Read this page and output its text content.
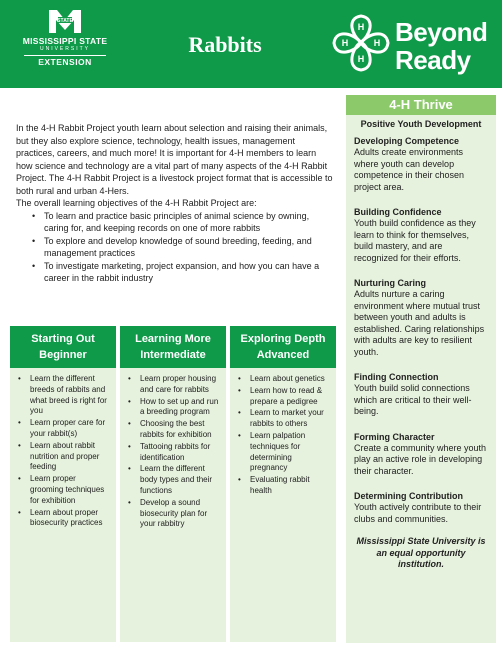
STATE
MISSISSIPPI STATE
UNIVERSITY
EXTENSION
Rabbits
H
H
H	H Beyond
Ready

In the 4-H Rabbit Project youth learn about selection and raising their animals, but they also explore science, technology, health issues, management practices, careers, and much more! It is important for 4-H members to learn how science and technology are a vital part of many aspects of the 4-H Rabbit Project. The 4-H Rabbit Project is a livestock project format that is accessible to both rural and urban 4-Hers.

The overall learning objectives of the 4-H Rabbit Project are:

• To learn and practice basic principles of animal science by owning, caring for, and keeping records on one of more rabbits
• To explore and develop knowledge of sound breeding, feeding, and management practices
• To investigate marketing, project expansion, and how you can have a career in the rabbit industry
Starting Out
Beginner
• Learn the different breeds of rabbits and what breed is right for you
• Learn proper care for your rabbit(s)
• Learn about rabbit nutrition and proper feeding
• Learn proper grooming techniques for exhibition
• Learn about proper biosecurity practices
Learning More
Intermediate
• Learn proper housing and care for rabbits
• How to set up and run a breeding program
• Choosing the best rabbits for exhibition
• Tattooing rabbits for identification
• Learn the different body types and their functions
• Develop a sound biosecurity plan for your rabbitry
Exploring Depth
Advanced
• Learn about genetics
• Learn how to read & prepare a pedigree
• Learn to market your rabbits to others
• Learn palpation techniques for determining pregnancy
• Evaluating rabbit health
4-H Thrive
Positive Youth Development
Developing Competence
Adults create environments where youth can develop competence in their chosen project area.
Building Confidence
Youth build confidence as they learn to think for themselves, build mastery, and are recognized for their efforts.
Nurturing Caring
Adults nurture a caring environment where mutual trust between youth and adults is established. Caring relationships with adults are key to resilient youth.
Finding Connection
Youth build solid connections which are critical to their well-being.
Forming Character
Create a community where youth play an active role in developing their character.
Determining Contribution
Youth actively contribute to their clubs and communities.
Mississippi State University is an equal opportunity institution.
